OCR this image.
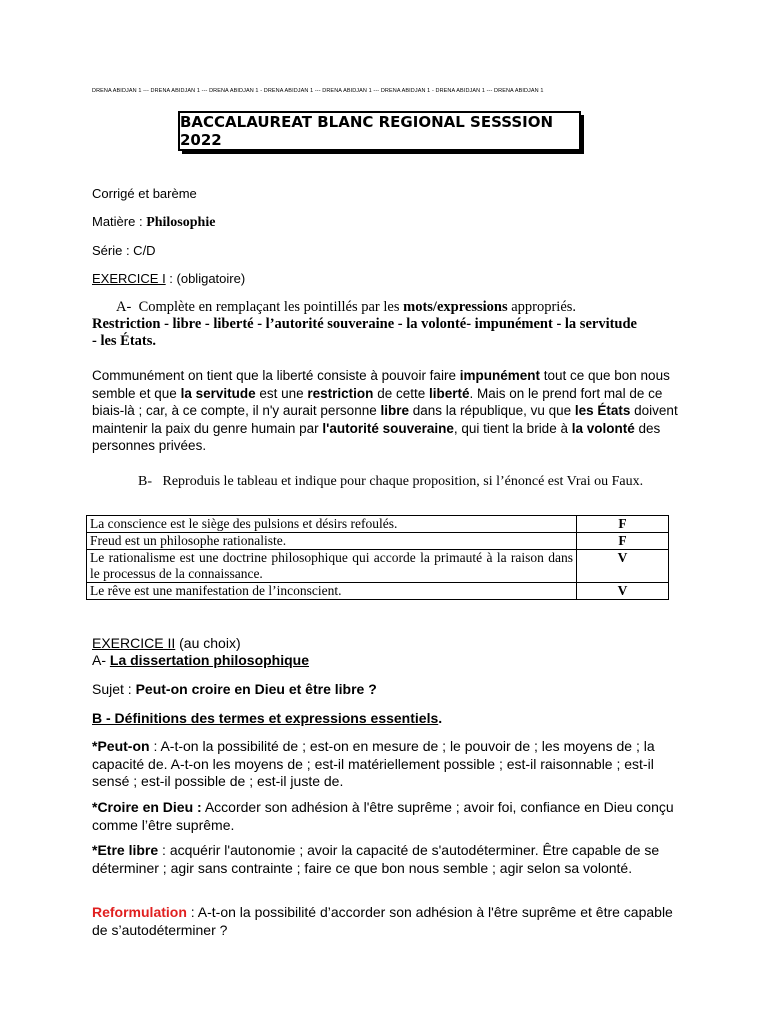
DRENA ABIDJAN 1 --- DRENA ABIDJAN 1 --- DRENA ABIDJAN 1 - DRENA ABIDJAN 1 --- DRENA ABIDJAN 1 --- DRENA ABIDJAN 1 - DRENA ABIDJAN 1 --- DRENA ABIDJAN 1
BACCALAUREAT BLANC REGIONAL SESSSION 2022
Corrigé et barème
Matière : Philosophie
Série : C/D
EXERCICE I : (obligatoire)
A- Complète en remplaçant les pointillés par les mots/expressions appropriés.
Restriction - libre - liberté - l’autorité souveraine - la volonté- impunément - la servitude
- les États.
Communément on tient que la liberté consiste à pouvoir faire impunément tout ce que bon nous semble et que la servitude est une restriction de cette liberté. Mais on le prend fort mal de ce biais-là ; car, à ce compte, il n'y aurait personne libre dans la république, vu que les États doivent maintenir la paix du genre humain par l'autorité souveraine, qui tient la bride à la volonté des personnes privées.
B- Reproduis le tableau et indique pour chaque proposition, si l’énoncé est Vrai ou Faux.
La conscience est le siège des pulsions et désirs refoulés.	F
Freud est un philosophe rationaliste.	F
Le rationalisme est une doctrine philosophique qui accorde la primauté à la raison dans le processus de la connaissance.	V
Le rêve est une manifestation de l’inconscient.	V
EXERCICE II (au choix)
A- La dissertation philosophique
Sujet : Peut-on croire en Dieu et être libre ?
B - Définitions des termes et expressions essentiels.
*Peut-on : A-t-on la possibilité de ; est-on en mesure de ; le pouvoir de ; les moyens de ; la capacité de. A-t-on les moyens de ; est-il matériellement possible ; est-il raisonnable ; est-il sensé ; est-il possible de ; est-il juste de.
*Croire en Dieu : Accorder son adhésion à l'être suprême ; avoir foi, confiance en Dieu conçu comme l’être suprême.
*Etre libre : acquérir l'autonomie ; avoir la capacité de s'autodéterminer. Être capable de se déterminer ; agir sans contrainte ; faire ce que bon nous semble ; agir selon sa volonté.
Reformulation : A-t-on la possibilité d’accorder son adhésion à l'être suprême et être capable de s’autodéterminer ?
